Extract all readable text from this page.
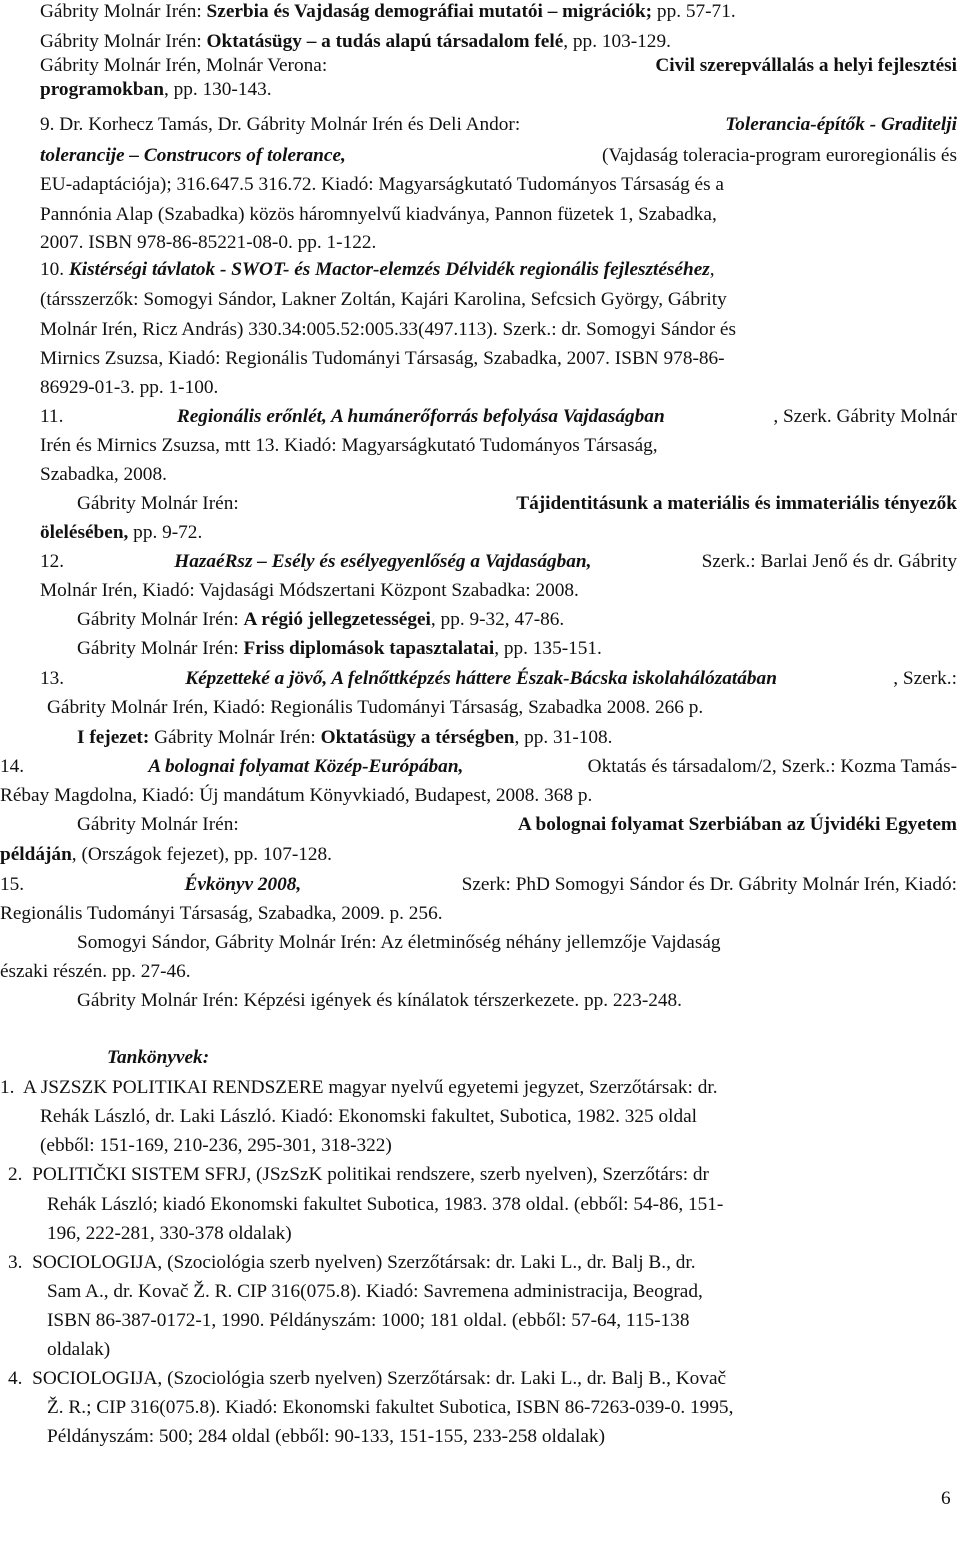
Gábrity Molnár Irén: Szerbia és Vajdaság demográfiai mutatói – migrációk; pp. 57-71.
Gábrity Molnár Irén: Oktatásügy – a tudás alapú társadalom felé, pp. 103-129.
Gábrity Molnár Irén, Molnár Verona:	Civil szerepvállalás a helyi fejlesztési
programokban, pp. 130-143.
9. Dr. Korhecz Tamás, Dr. Gábrity Molnár Irén és Deli Andor:	Tolerancia-építők - Graditelji
tolerancije – Construcors of tolerance,	(Vajdaság toleracia-program euroregionális és
EU-adaptációja); 316.647.5 316.72. Kiadó: Magyarságkutató Tudományos Társaság és a
Pannónia Alap (Szabadka) közös háromnyelvű kiadványa, Pannon füzetek 1, Szabadka,
2007. ISBN 978-86-85221-08-0. pp. 1-122.
10. Kistérségi távlatok - SWOT- és Mactor-elemzés Délvidék regionális fejlesztéséhez,
(társszerzők: Somogyi Sándor, Lakner Zoltán, Kajári Karolina, Sefcsich György, Gábrity
Molnár Irén, Ricz András) 330.34:005.52:005.33(497.113). Szerk.: dr. Somogyi Sándor és
Mirnics Zsuzsa, Kiadó: Regionális Tudományi Társaság, Szabadka, 2007. ISBN 978-86-
86929-01-3. pp. 1-100.
11.	Regionális erőnlét, A humánerőforrás befolyása Vajdaságban	, Szerk. Gábrity Molnár
Irén és Mirnics Zsuzsa, mtt 13. Kiadó: Magyarságkutató Tudományos Társaság,
Szabadka, 2008.
Gábrity Molnár Irén:	Tájidentitásunk a materiális és immateriális tényezők
ölelésében, pp. 9-72.
12.	HazaéRsz – Esély és esélyegyenlőség a Vajdaságban,	Szerk.: Barlai Jenő és dr. Gábrity
Molnár Irén, Kiadó: Vajdasági Módszertani Központ Szabadka: 2008.
Gábrity Molnár Irén: A régió jellegzetességei, pp. 9-32, 47-86.
Gábrity Molnár Irén: Friss diplomások tapasztalatai, pp. 135-151.
13.	Képzetteké a jövő, A felnőttképzés háttere Észak-Bácska iskolahálózatában	, Szerk.:
Gábrity Molnár Irén, Kiadó: Regionális Tudományi Társaság, Szabadka 2008. 266 p.
I fejezet: Gábrity Molnár Irén: Oktatásügy a térségben, pp. 31-108.
14.	A bolognai folyamat Közép-Európában,	Oktatás és társadalom/2, Szerk.: Kozma Tamás-
Rébay Magdolna, Kiadó: Új mandátum Könyvkiadó, Budapest, 2008. 368 p.
Gábrity Molnár Irén:	A bolognai folyamat Szerbiában az Újvidéki Egyetem
példáján, (Országok fejezet), pp. 107-128.
15.	Évkönyv 2008,	Szerk: PhD Somogyi Sándor és Dr. Gábrity Molnár Irén, Kiadó:
Regionális Tudományi Társaság, Szabadka, 2009. p. 256.
Somogyi Sándor, Gábrity Molnár Irén: Az életminőség néhány jellemzője Vajdaság
északi részén. pp. 27-46.
Gábrity Molnár Irén: Képzési igények és kínálatok térszerkezete. pp. 223-248.
Tankönyvek:
1.  A JSZSZK POLITIKAI RENDSZERE magyar nyelvű egyetemi jegyzet, Szerzőtársak: dr.
Rehák László, dr. Laki László. Kiadó: Ekonomski fakultet, Subotica, 1982. 325 oldal
(ebből: 151-169, 210-236, 295-301, 318-322)
2.  POLITIČKI SISTEM SFRJ, (JSzSzK politikai rendszere, szerb nyelven), Szerzőtárs: dr
Rehák László; kiadó Ekonomski fakultet Subotica, 1983. 378 oldal. (ebből: 54-86, 151-
196, 222-281, 330-378 oldalak)
3.  SOCIOLOGIJA, (Szociológia szerb nyelven) Szerzőtársak: dr. Laki L., dr. Balj B., dr.
Sam A., dr. Kovač Ž. R. CIP 316(075.8). Kiadó: Savremena administracija, Beograd,
ISBN 86-387-0172-1, 1990. Példányszám: 1000; 181 oldal. (ebből: 57-64, 115-138
oldalak)
4.  SOCIOLOGIJA, (Szociológia szerb nyelven) Szerzőtársak: dr. Laki L., dr. Balj B., Kovač
Ž. R.; CIP 316(075.8). Kiadó: Ekonomski fakultet Subotica, ISBN 86-7263-039-0. 1995,
Példányszám: 500; 284 oldal (ebből: 90-133, 151-155, 233-258 oldalak)
6
